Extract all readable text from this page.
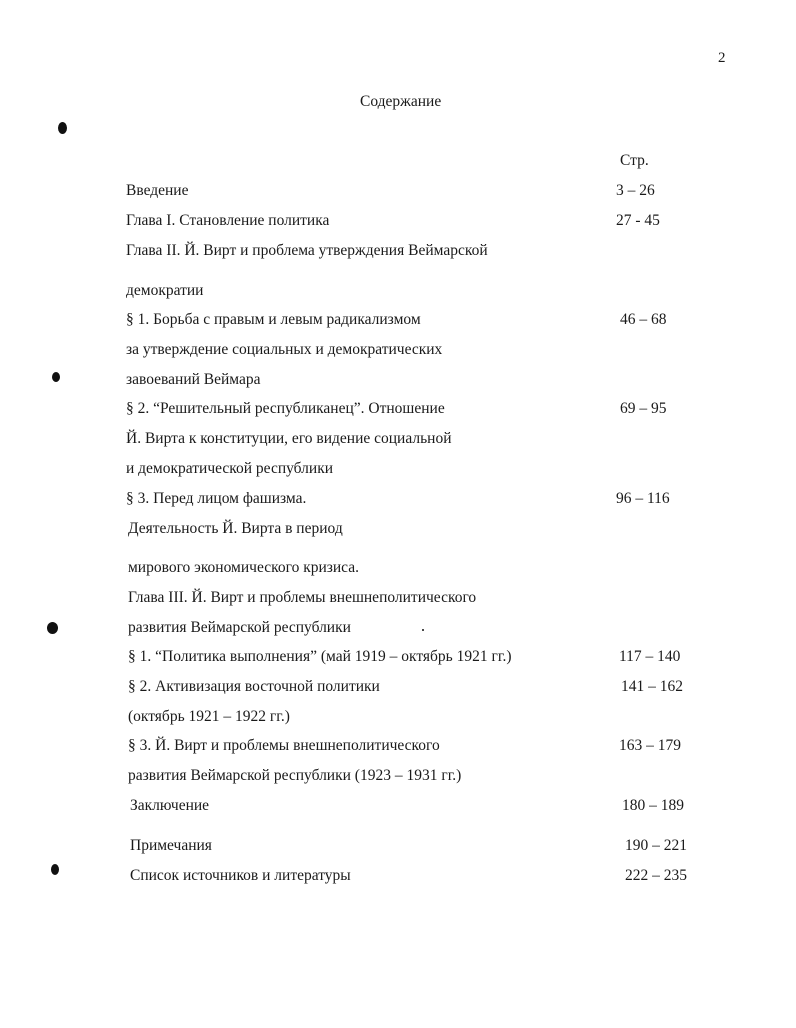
2
Содержание
Стр.
Введение	3 – 26
Глава I. Становление политика	27 - 45
Глава II. Й. Вирт и проблема утверждения Веймарской
демократии
§ 1. Борьба с правым и левым радикализмом	46 – 68
за утверждение социальных и демократических
завоеваний Веймара
§ 2. “Решительный республиканец”. Отношение	69 – 95
Й. Вирта к конституции, его видение социальной
и демократической республики
§ 3. Перед лицом фашизма.	96 – 116
Деятельность Й. Вирта в период
мирового экономического кризиса.
Глава III. Й. Вирт и проблемы внешнеполитического
развития Веймарской республики
§ 1. “Политика выполнения” (май 1919 – октябрь 1921 гг.)	117 – 140
§ 2. Активизация восточной политики	141 – 162
(октябрь 1921 – 1922 гг.)
§ 3. Й. Вирт и проблемы внешнеполитического	163 – 179
развития Веймарской республики (1923 – 1931 гг.)
Заключение	180 – 189
Примечания	190 – 221
Список источников и литературы	222 – 235
